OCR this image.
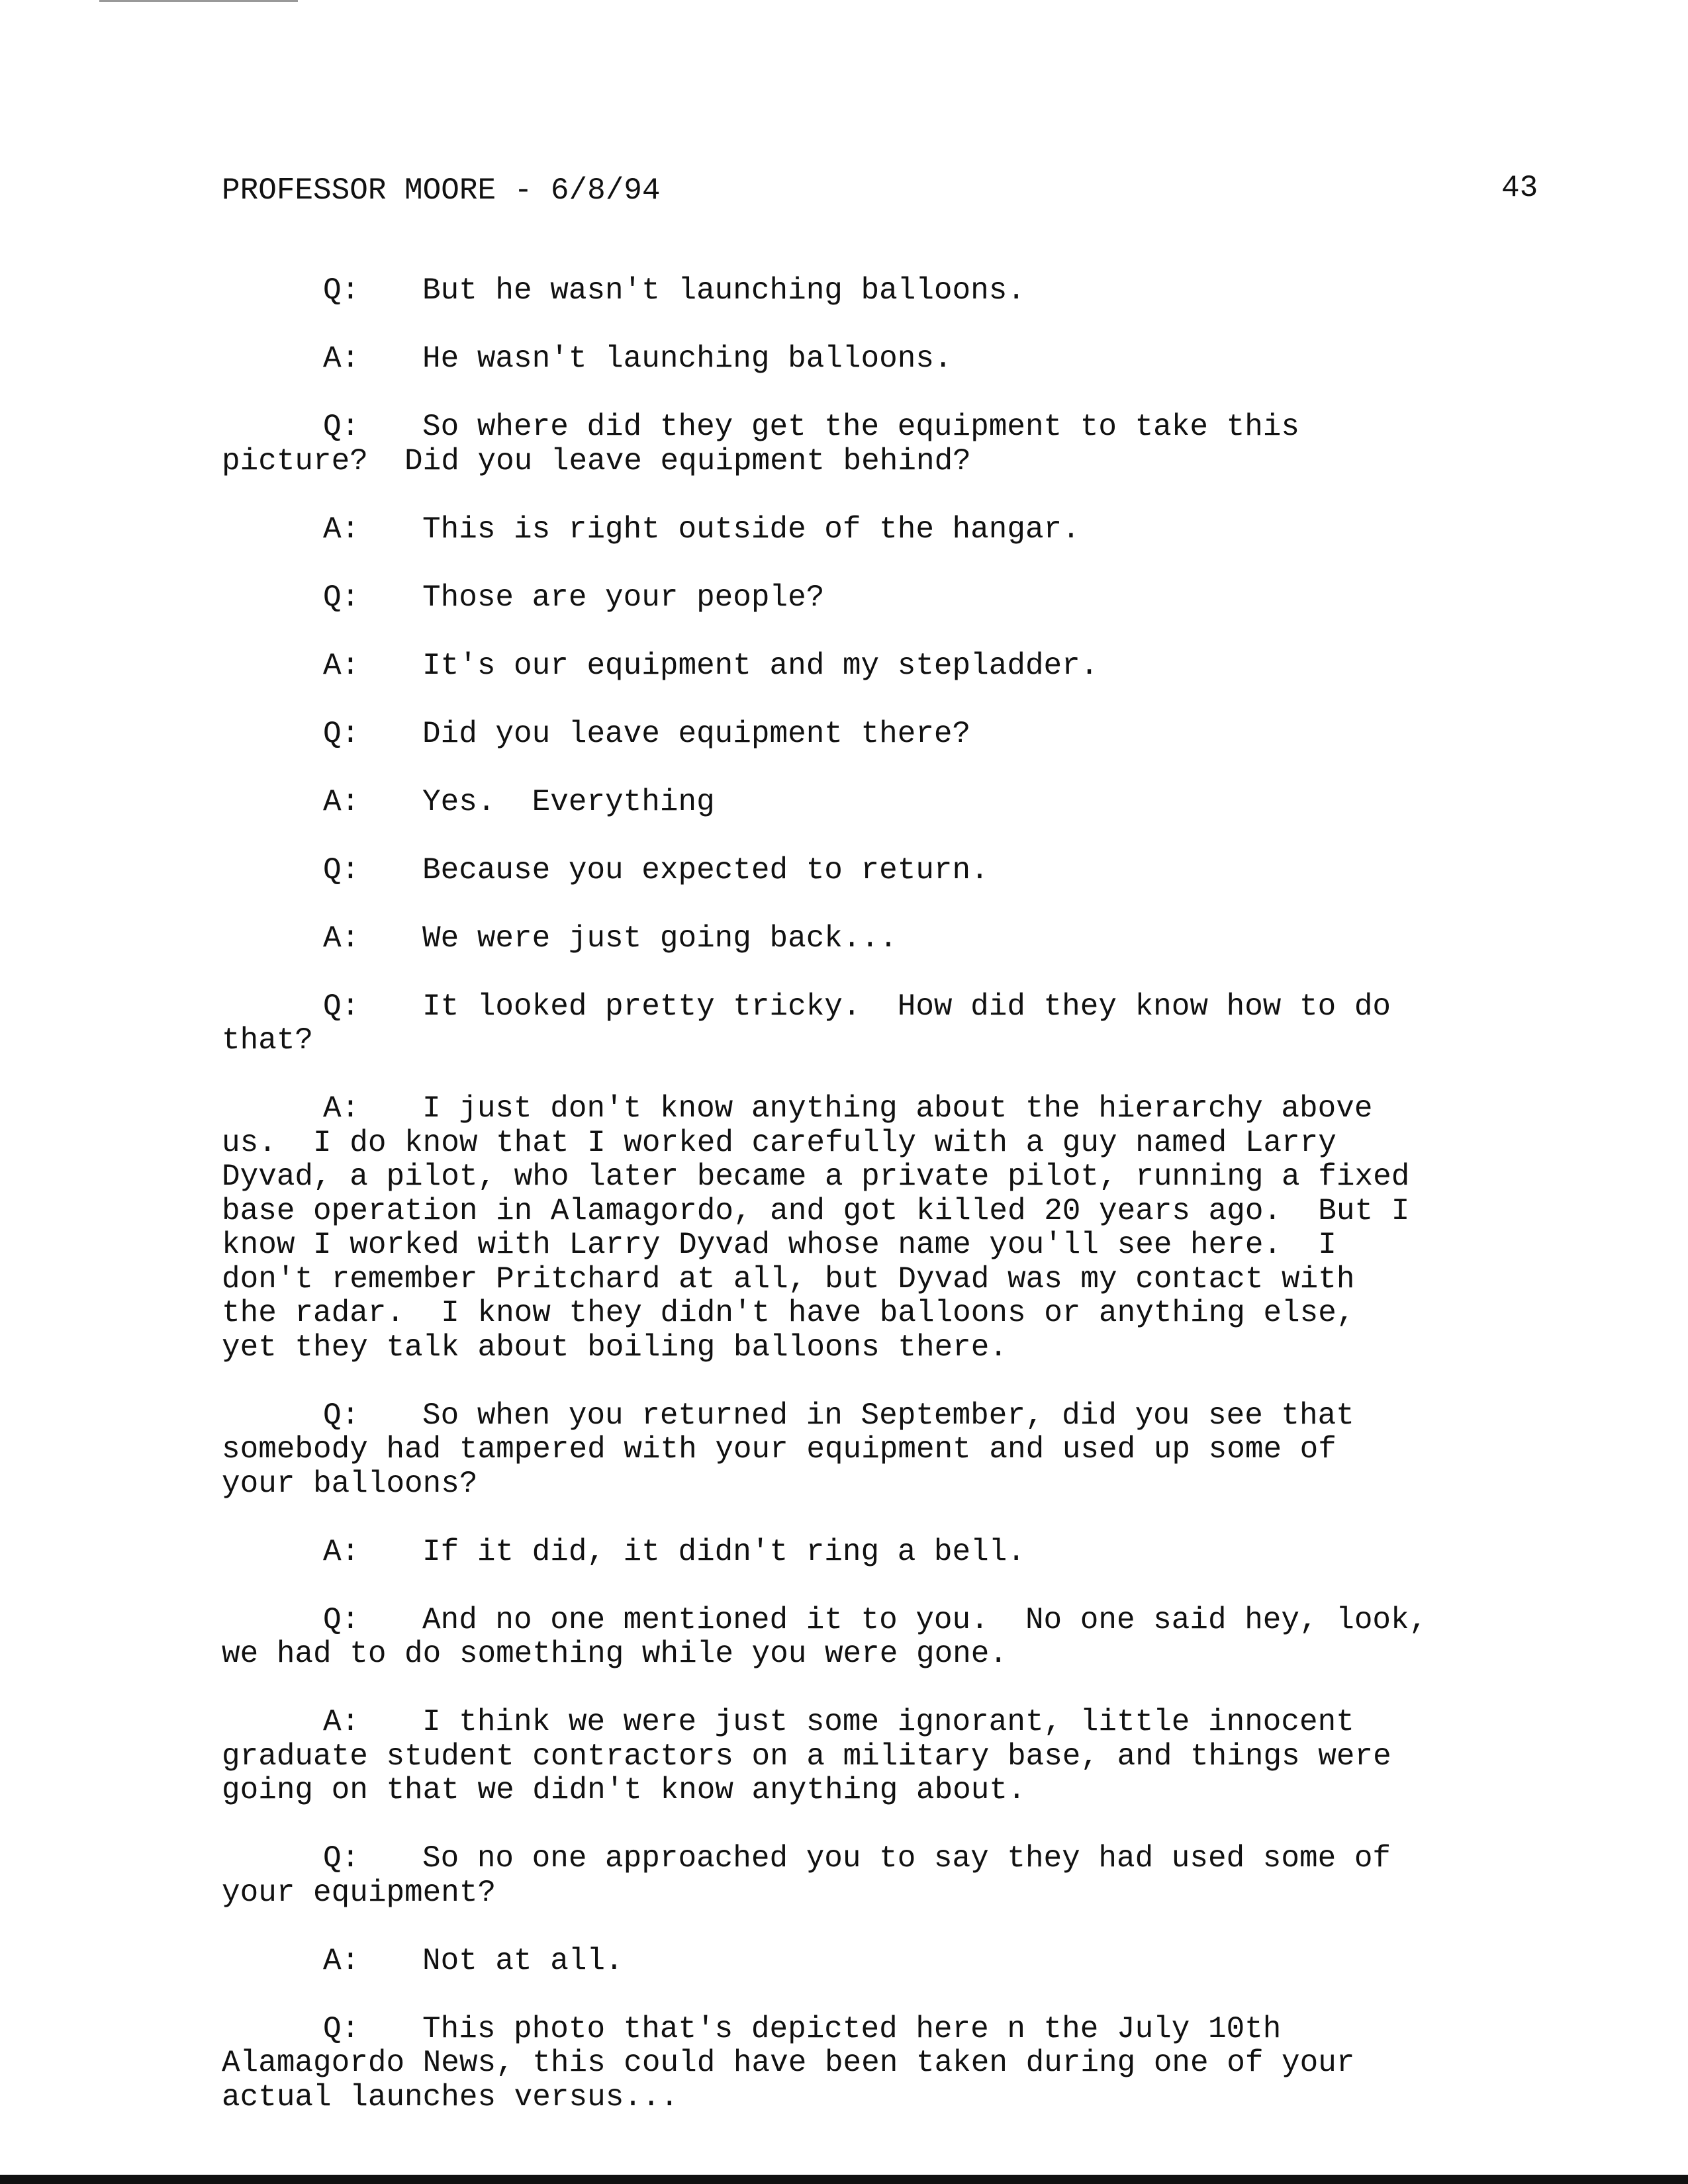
PROFESSOR MOORE - 6/8/94	43
Q: But he wasn't launching balloons.
A: He wasn't launching balloons.
Q: So where did they get the equipment to take this
picture?  Did you leave equipment behind?
A: This is right outside of the hangar.
Q: Those are your people?
A: It's our equipment and my stepladder.
Q: Did you leave equipment there?
A: Yes.  Everything
Q: Because you expected to return.
A: We were just going back...
Q: It looked pretty tricky.  How did they know how to do
that?
A: I just don't know anything about the hierarchy above
us.  I do know that I worked carefully with a guy named Larry
Dyvad, a pilot, who later became a private pilot, running a fixed
base operation in Alamagordo, and got killed 20 years ago.  But I
know I worked with Larry Dyvad whose name you'll see here.  I
don't remember Pritchard at all, but Dyvad was my contact with
the radar.  I know they didn't have balloons or anything else,
yet they talk about boiling balloons there.
Q: So when you returned in September, did you see that
somebody had tampered with your equipment and used up some of
your balloons?
A: If it did, it didn't ring a bell.
Q: And no one mentioned it to you.  No one said hey, look,
we had to do something while you were gone.
A: I think we were just some ignorant, little innocent
graduate student contractors on a military base, and things were
going on that we didn't know anything about.
Q: So no one approached you to say they had used some of
your equipment?
A: Not at all.
Q: This photo that's depicted here n the July 10th
Alamagordo News, this could have been taken during one of your
actual launches versus...
